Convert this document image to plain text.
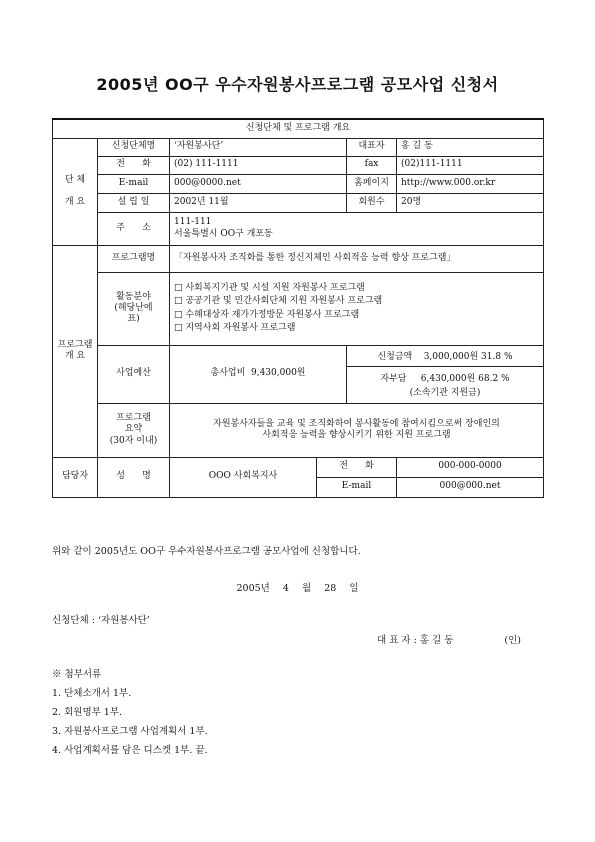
2005년 OO구 우수자원봉사프로그램 공모사업 신청서
신청단체 및 프로그램 개요					
단 체

개 요	신청단체명	‘자원봉사단’		대표자	홍 길 동
	전      화	(02) 111-1111		fax	(02)111-1111
	E-mail	000@0000.net		홈페이지	http://www.000.or.kr
	설 립 일	2002년 11월		회원수	20명
	주      소	111-111
서울특별시 OO구 개포동			
프로그램
개 요	프로그램명	「자원봉사자 조직화를 통한 정신지체인 사회적응 능력 향상 프로그램」			
	활동분야
(해당난에
표)	□ 사회복지기관 및 시설 지원 자원봉사 프로그램
□ 공공기관 및 민간사회단체 지원 자원봉사 프로그램
□ 수혜대상자 재가가정방문 자원봉사 프로그램
□ 지역사회 자원봉사 프로그램			

	사업예산	총사업비  9,430,000원		신청금액 3,000,000원 31.8 %
자부담 6,430,000원 68.2 %
(소속기관 지원금)	

	프로그램
요약
(30자 이내)	자원봉사자들을 교육 및 조직화하여 봉사활동에 참여시킴으로써 장애인의
사회적응 능력을 향상시키기 위한 지원 프로그램			
담당자	성      명	OOO 사회복지사	전      화		000-000-0000
			E-mail		000@000.net
위와 같이 2005년도 OO구 우수자원봉사프로그램 공모사업에 신청합니다.
2005년 4 월 28 일
신청단체 : ‘자원봉사단’
대 표 자 : 홍 길 동	(인)
※ 첨부서류
1. 단체소개서 1부.
2. 회원명부 1부.
3. 자원봉사프로그램 사업계획서 1부.
4. 사업계획서를 담은 디스켓 1부. 끝.
